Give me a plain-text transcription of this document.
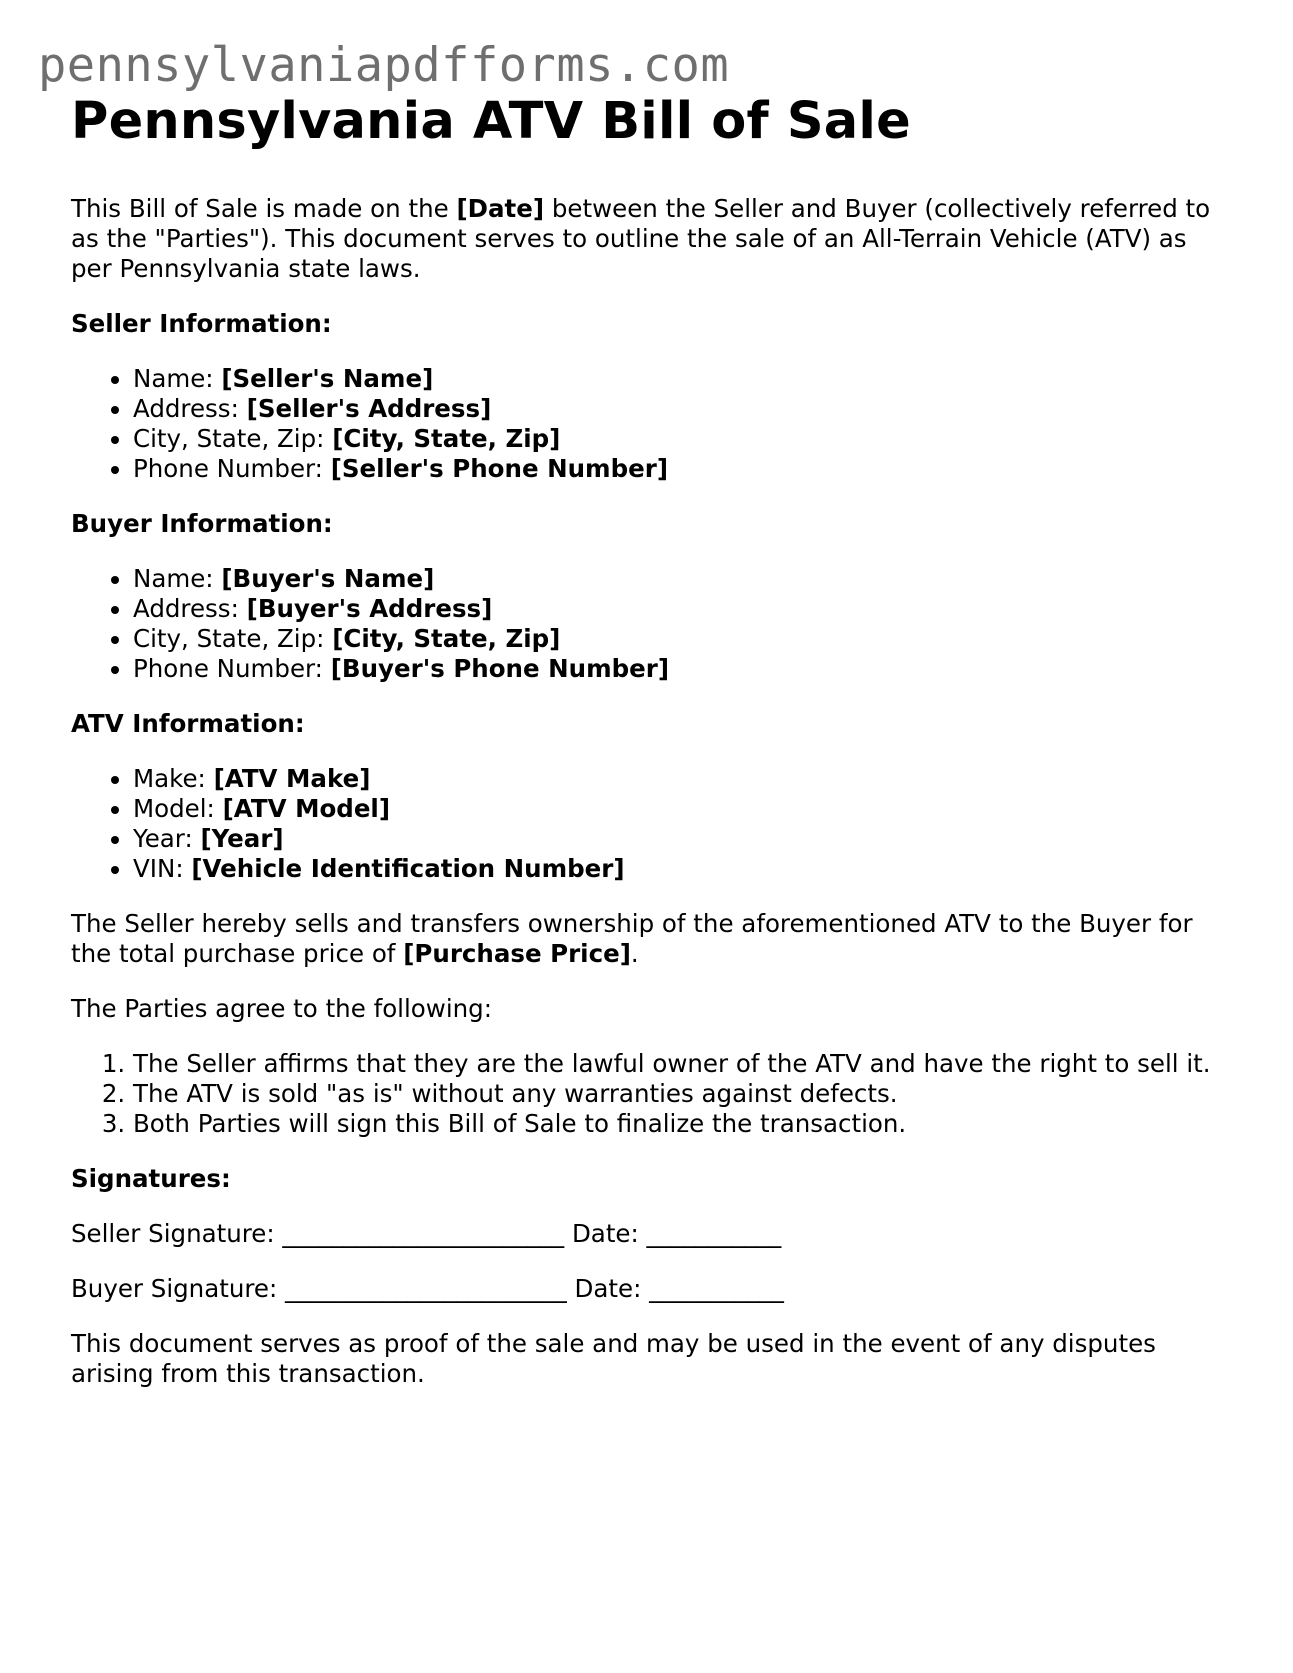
pennsylvaniapdfforms.com
Pennsylvania ATV Bill of Sale

This Bill of Sale is made on the [Date] between the Seller and Buyer (collectively referred to as the "Parties"). This document serves to outline the sale of an All-Terrain Vehicle (ATV) as per Pennsylvania state laws.

Seller Information:
• Name: [Seller's Name]
• Address: [Seller's Address]
• City, State, Zip: [City, State, Zip]
• Phone Number: [Seller's Phone Number]
Buyer Information:
• Name: [Buyer's Name]
• Address: [Buyer's Address]
• City, State, Zip: [City, State, Zip]
• Phone Number: [Buyer's Phone Number]
ATV Information:
• Make: [ATV Make]
• Model: [ATV Model]
• Year: [Year]
• VIN: [Vehicle Identification Number]

The Seller hereby sells and transfers ownership of the aforementioned ATV to the Buyer for the total purchase price of [Purchase Price].

The Parties agree to the following:

1. The Seller affirms that they are the lawful owner of the ATV and have the right to sell it.
2. The ATV is sold "as is" without any warranties against defects.
3. Both Parties will sign this Bill of Sale to finalize the transaction.
Signatures:

Seller Signature: _______________________ Date: ___________

Buyer Signature: _______________________ Date: ___________

This document serves as proof of the sale and may be used in the event of any disputes arising from this transaction.
